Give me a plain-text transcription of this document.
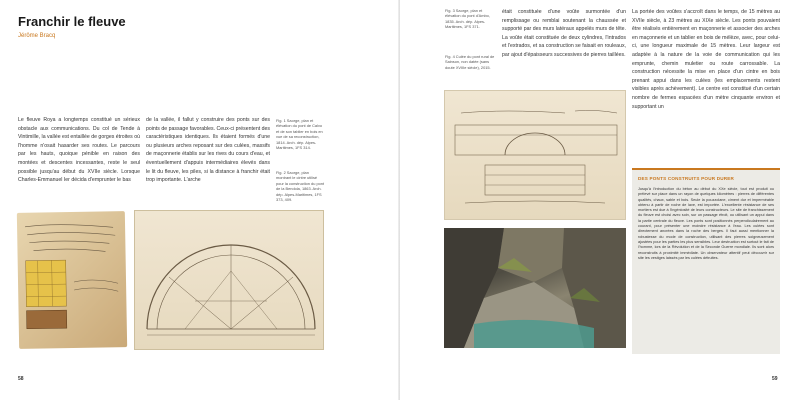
Franchir le fleuve
Jérôme Bracq
Le fleuve Roya a longtemps constitué un sérieux obstacle aux communications. Du col de Tende à Vintimille, la vallée est entaillée de gorges étroites où l'homme n'osait hasarder ses routes. Le parcours par les hauts, quoique pénible en raison des montées et descentes incessantes, reste le seul possible jusqu'au début du XVIIe siècle. Lorsque Charles-Emmanuel Ier décida d'emprunter le bas
de la vallée, il fallut y construire des ponts sur des points de passage favorables. Ceux-ci présentent des caractéristiques identiques. Ils étaient formés d'une ou plusieurs arches reposant sur des culées, massifs de maçonnerie établis sur les rives du cours d'eau, et éventuellement d'appuis intermédiaires élevés dans le lit du fleuve, les piles, si la distance à franchir était trop importante. L'arche
Fig. 1 Saorge, plan et élévation du pont de Calvo et de son tablier en bois en vue de sa reconstruction, 1814. Arch. dép. Alpes-Maritimes, 1FS 314.
Fig. 2 Saorge, plan montrant le cintre utilisé pour la construction du pont de la Bendola, 1863. Arch. dép. Alpes-Maritimes, 1FS 373, 409.
58
Fig. 3 Saorge, plan et élévation du pont d'Ambo, 1835. Arch. dép. Alpes-Maritimes, 1FS 371.
Fig. 4 Culée du pont rural de Sainson, non datée (sans doute XVIIIe siècle), 2015.
était constituée d'une voûte surmontée d'un remplissage ou remblai soutenant la chaussée et supporté par des murs latéraux appelés murs de tête. La voûte était constituée de deux cylindres, l'intrados et l'extrados, et sa construction se faisait en rouleaux, par ajout d'épaisseurs successives de pierres taillées.
La portée des voûtes s'accroît dans le temps, de 15 mètres au XVIIe siècle, à 23 mètres au XIXe siècle. Les ponts pouvaient être réalisés entièrement en maçonnerie et associer des arches en maçonnerie et un tablier en bois de mélèze, avec, pour celui-ci, une longueur maximale de 15 mètres. Leur largeur est adaptée à la nature de la voie de communication qui les emprunte, chemin muletier ou route carrossable. La construction nécessite la mise en place d'un cintre en bois prenant appui dans les culées (les emplacements restent visibles après achèvement). Le centre est constitué d'un certain nombre de fermes espacées d'un mètre cinquante environ et supportant un
DES PONTS CONSTRUITS POUR DURER
Jusqu'à l'introduction du béton au début du XXe siècle, tout est produit ou prélevé sur place dans un rayon de quelques kilomètres : pierres de différentes qualités, chaux, sable et bois. Seule la pouzzolane, ciment dur et imperméable obtenu à partir de roche de lave, est importée. L'excellente résistance de ses mortiers est due à l'ingéniosité de leurs constructeurs. Le site de franchissement du fleuve est choisi avec soin, sur un passage étroit, ou utilisant un appui dans la partie centrale du fleuve. Les ponts sont positionnés perpendiculairement au courant, pour présenter une moindre résistance à l'eau. Les culées sont directement ancrées dans la roche des berges. Il faut aussi mentionner la robustesse du mode de construction, utilisant des pierres soigneusement ajustées pour les parties les plus sensibles. Leur destruction est surtout le fait de l'homme, lors de la Révolution et de la Seconde Guerre mondiale. Ils sont alors reconstruits à proximité immédiate. Un observateur attentif peut découvrir sur site les vestiges laissés par les culées détruites.
59
